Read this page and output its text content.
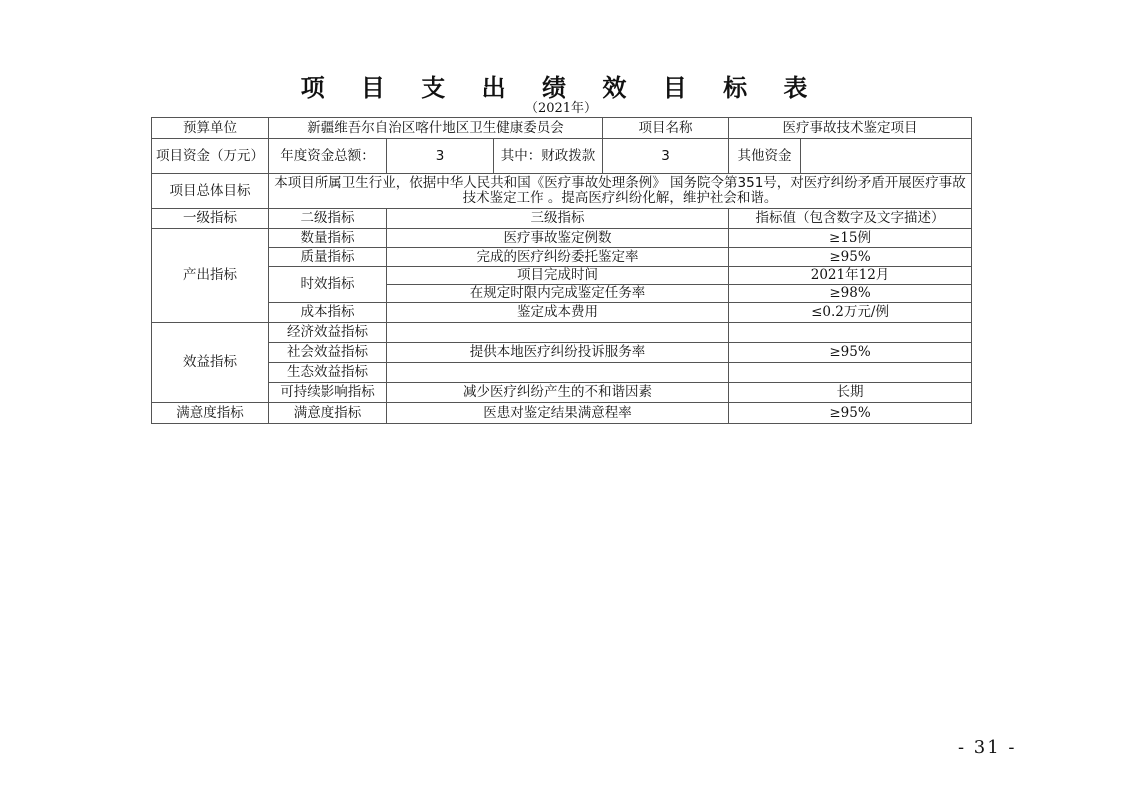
项 目 支 出 绩 效 目 标 表
（2021年）
预算单位	新疆维吾尔自治区喀什地区卫生健康委员会			项目名称	医疗事故技术鉴定项目	
项目资金（万元）	年度资金总额：	3	其中：财政拨款	3	其他资金	
项目总体目标	本项目所属卫生行业，依据中华人民共和国《医疗事故处理条例》 国务院令第351号，对医疗纠纷矛盾开展医疗事故技术鉴定工作 。提高医疗纠纷化解，维护社会和谐。					
一级指标	二级指标	三级指标			指标值（包含数字及文字描述）	
产出指标	数量指标	医疗事故鉴定例数			≥15例	
	质量指标	完成的医疗纠纷委托鉴定率			≥95%	
	时效指标	项目完成时间			2021年12月	
		在规定时限内完成鉴定任务率			≥98%	
	成本指标	鉴定成本费用			≤0.2万元/例	
效益指标	经济效益指标					
	社会效益指标	提供本地医疗纠纷投诉服务率			≥95%	
	生态效益指标					
	可持续影响指标	减少医疗纠纷产生的不和谐因素			长期	
满意度指标	满意度指标	医患对鉴定结果满意程率			≥95%	
- 31 -
